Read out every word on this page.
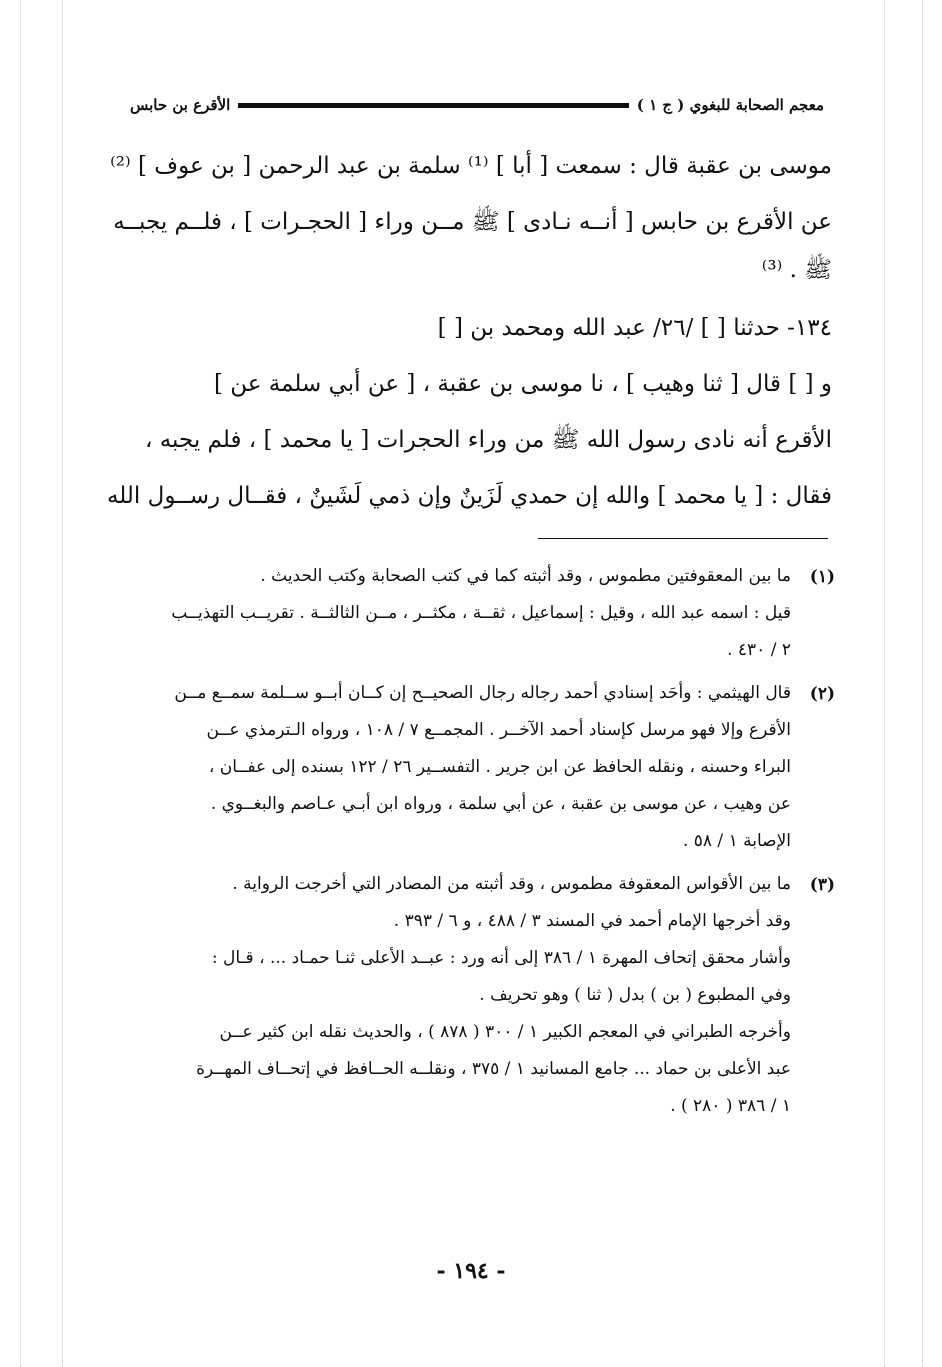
معجم الصحابة للبغوي ( ج ١ )
الأقرع بن حابس
موسى بن عقبة قال : سمعت [ أبا ] ⁽¹⁾ سلمة بن عبد الرحمن [ بن عوف ] ⁽²⁾
عن الأقرع بن حابس [ أنــه نـادى ] ﷺ مــن وراء [ الحجـرات ] ، فلــم يجبــه
ﷺ . ⁽³⁾
١٣٤- حدثنا [ ] /٢٦/ عبد الله ومحمد بن [ ]
و [ ] قال [ ثنا وهيب ] ، نا موسى بن عقبة ، [ عن أبي سلمة عن ]
الأقرع أنه نادى رسول الله ﷺ من وراء الحجرات [ يا محمد ] ، فلم يجبه ،
فقال : [ يا محمد ] والله إن حمدي لَزَينٌ وإن ذمي لَشَينٌ ، فقــال رســول الله
(١)
ما بين المعقوفتين مطموس ، وقد أثبته كما في كتب الصحابة وكتب الحديث .
قيل : اسمه عبد الله ، وقيل : إسماعيل ، ثقــة ، مكثــر ، مــن الثالثــة . تقريــب التهذيــب
٢ / ٤٣٠ .
(٢)
قال الهيثمي : وأحَد إسنادي أحمد رجاله رجال الصحيــح إن كــان أبــو ســلمة سمــع مــن
الأقرع وإلا فهو مرسل كإسناد أحمد الآخــر . المجمــع ٧ / ١٠٨ ، ورواه الـترمذي عــن
البراء وحسنه ، ونقله الحافظ عن ابن جرير . التفســير ٢٦ / ١٢٢ بسنده إلى عفــان ،
عن وهيب ، عن موسى بن عقبة ، عن أبي سلمة ، ورواه ابن أبـي عـاصم والبغــوي .
الإصابة ١ / ٥٨ .
(٣)
ما بين الأقواس المعقوفة مطموس ، وقد أثبته من المصادر التي أخرجت الرواية .
وقد أخرجها الإمام أحمد في المسند ٣ / ٤٨٨ ، و ٦ / ٣٩٣ .
وأشار محقق إتحاف المهرة ١ / ٣٨٦ إلى أنه ورد : عبــد الأعلى ثنـا حمـاد ... ، قـال :
وفي المطبوع ( بن ) بدل ( ثنا ) وهو تحريف .
وأخرجه الطبراني في المعجم الكبير ١ / ٣٠٠ ( ٨٧٨ ) ، والحديث نقله ابن كثير عــن
عبد الأعلى بن حماد ... جامع المسانيد ١ / ٣٧٥ ، ونقلــه الحــافظ في إتحــاف المهــرة
١ / ٣٨٦ ( ٢٨٠ ) .
- ١٩٤ -
